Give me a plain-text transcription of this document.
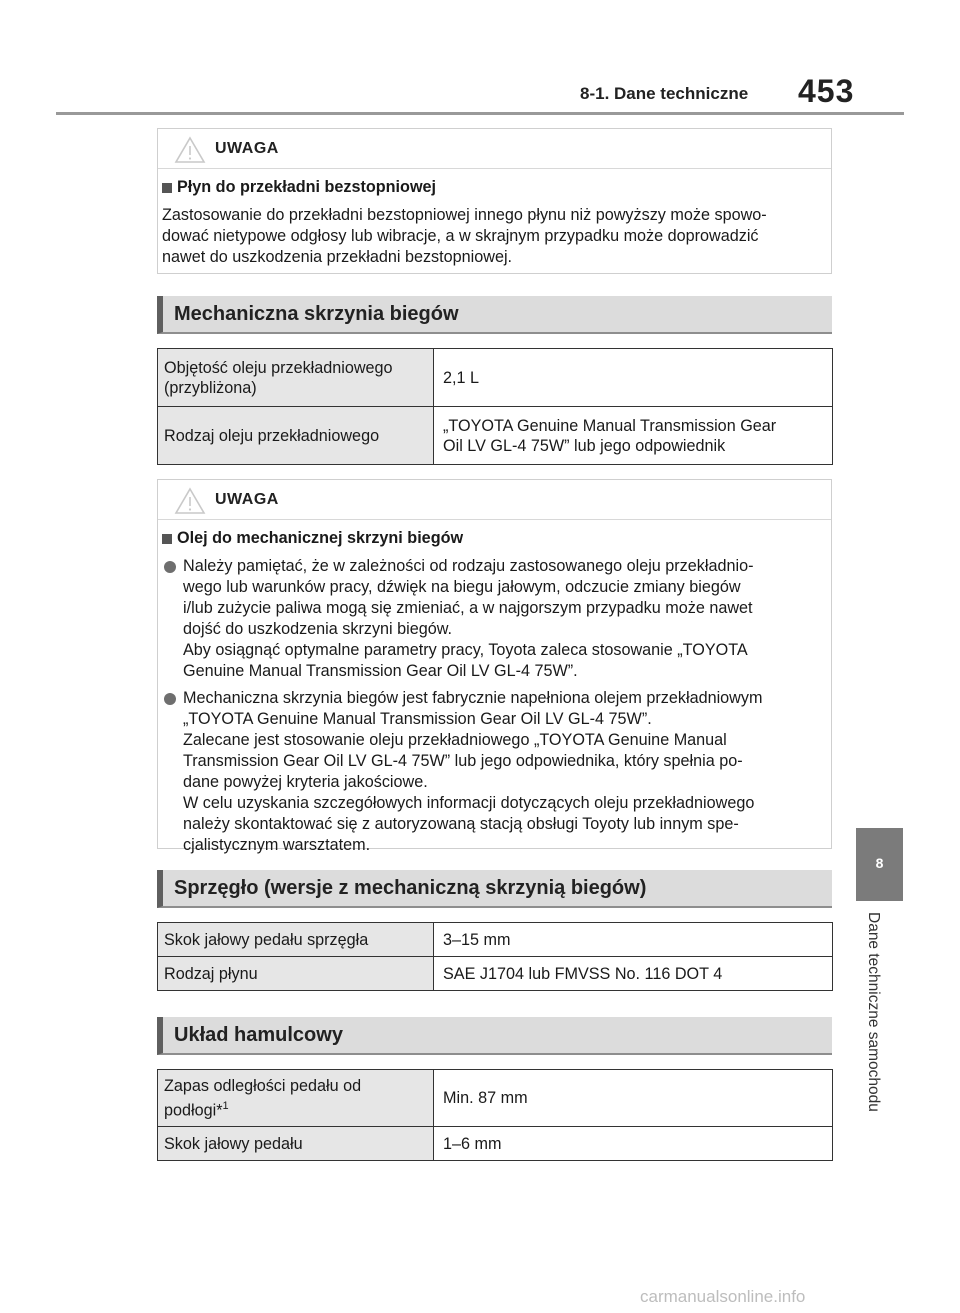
8-1. Dane techniczne 453
UWAGA
Płyn do przekładni bezstopniowej
Zastosowanie do przekładni bezstopniowej innego płynu niż powyższy może spowo-
dować nietypowe odgłosy lub wibracje, a w skrajnym przypadku może doprowadzić
nawet do uszkodzenia przekładni bezstopniowej.
Mechaniczna skrzynia biegów
Objętość oleju przekładniowego
(przybliżona)	2,1 L

Rodzaj oleju przekładniowego	„TOYOTA Genuine Manual Transmission Gear
Oil LV GL-4 75W” lub jego odpowiednik
UWAGA
Olej do mechanicznej skrzyni biegów
Należy pamiętać, że w zależności od rodzaju zastosowanego oleju przekładnio-
wego lub warunków pracy, dźwięk na biegu jałowym, odczucie zmiany biegów
i/lub zużycie paliwa mogą się zmieniać, a w najgorszym przypadku może nawet
dojść do uszkodzenia skrzyni biegów.
Aby osiągnąć optymalne parametry pracy, Toyota zaleca stosowanie „TOYOTA
Genuine Manual Transmission Gear Oil LV GL-4 75W”.
Mechaniczna skrzynia biegów jest fabrycznie napełniona olejem przekładniowym
„TOYOTA Genuine Manual Transmission Gear Oil LV GL-4 75W”.
Zalecane jest stosowanie oleju przekładniowego „TOYOTA Genuine Manual
Transmission Gear Oil LV GL-4 75W” lub jego odpowiednika, który spełnia po-
dane powyżej kryteria jakościowe.
W celu uzyskania szczegółowych informacji dotyczących oleju przekładniowego
należy skontaktować się z autoryzowaną stacją obsługi Toyoty lub innym spe-
cjalistycznym warsztatem.
Sprzęgło (wersje z mechaniczną skrzynią biegów)
Skok jałowy pedału sprzęgła	3–15 mm
Rodzaj płynu	SAE J1704 lub FMVSS No. 116 DOT 4
Układ hamulcowy
Zapas odległości pedału od
podłogi*$^1$	Min. 87 mm
Skok jałowy pedału	1–6 mm
8
Dane techniczne samochodu
carmanualsonline.info
